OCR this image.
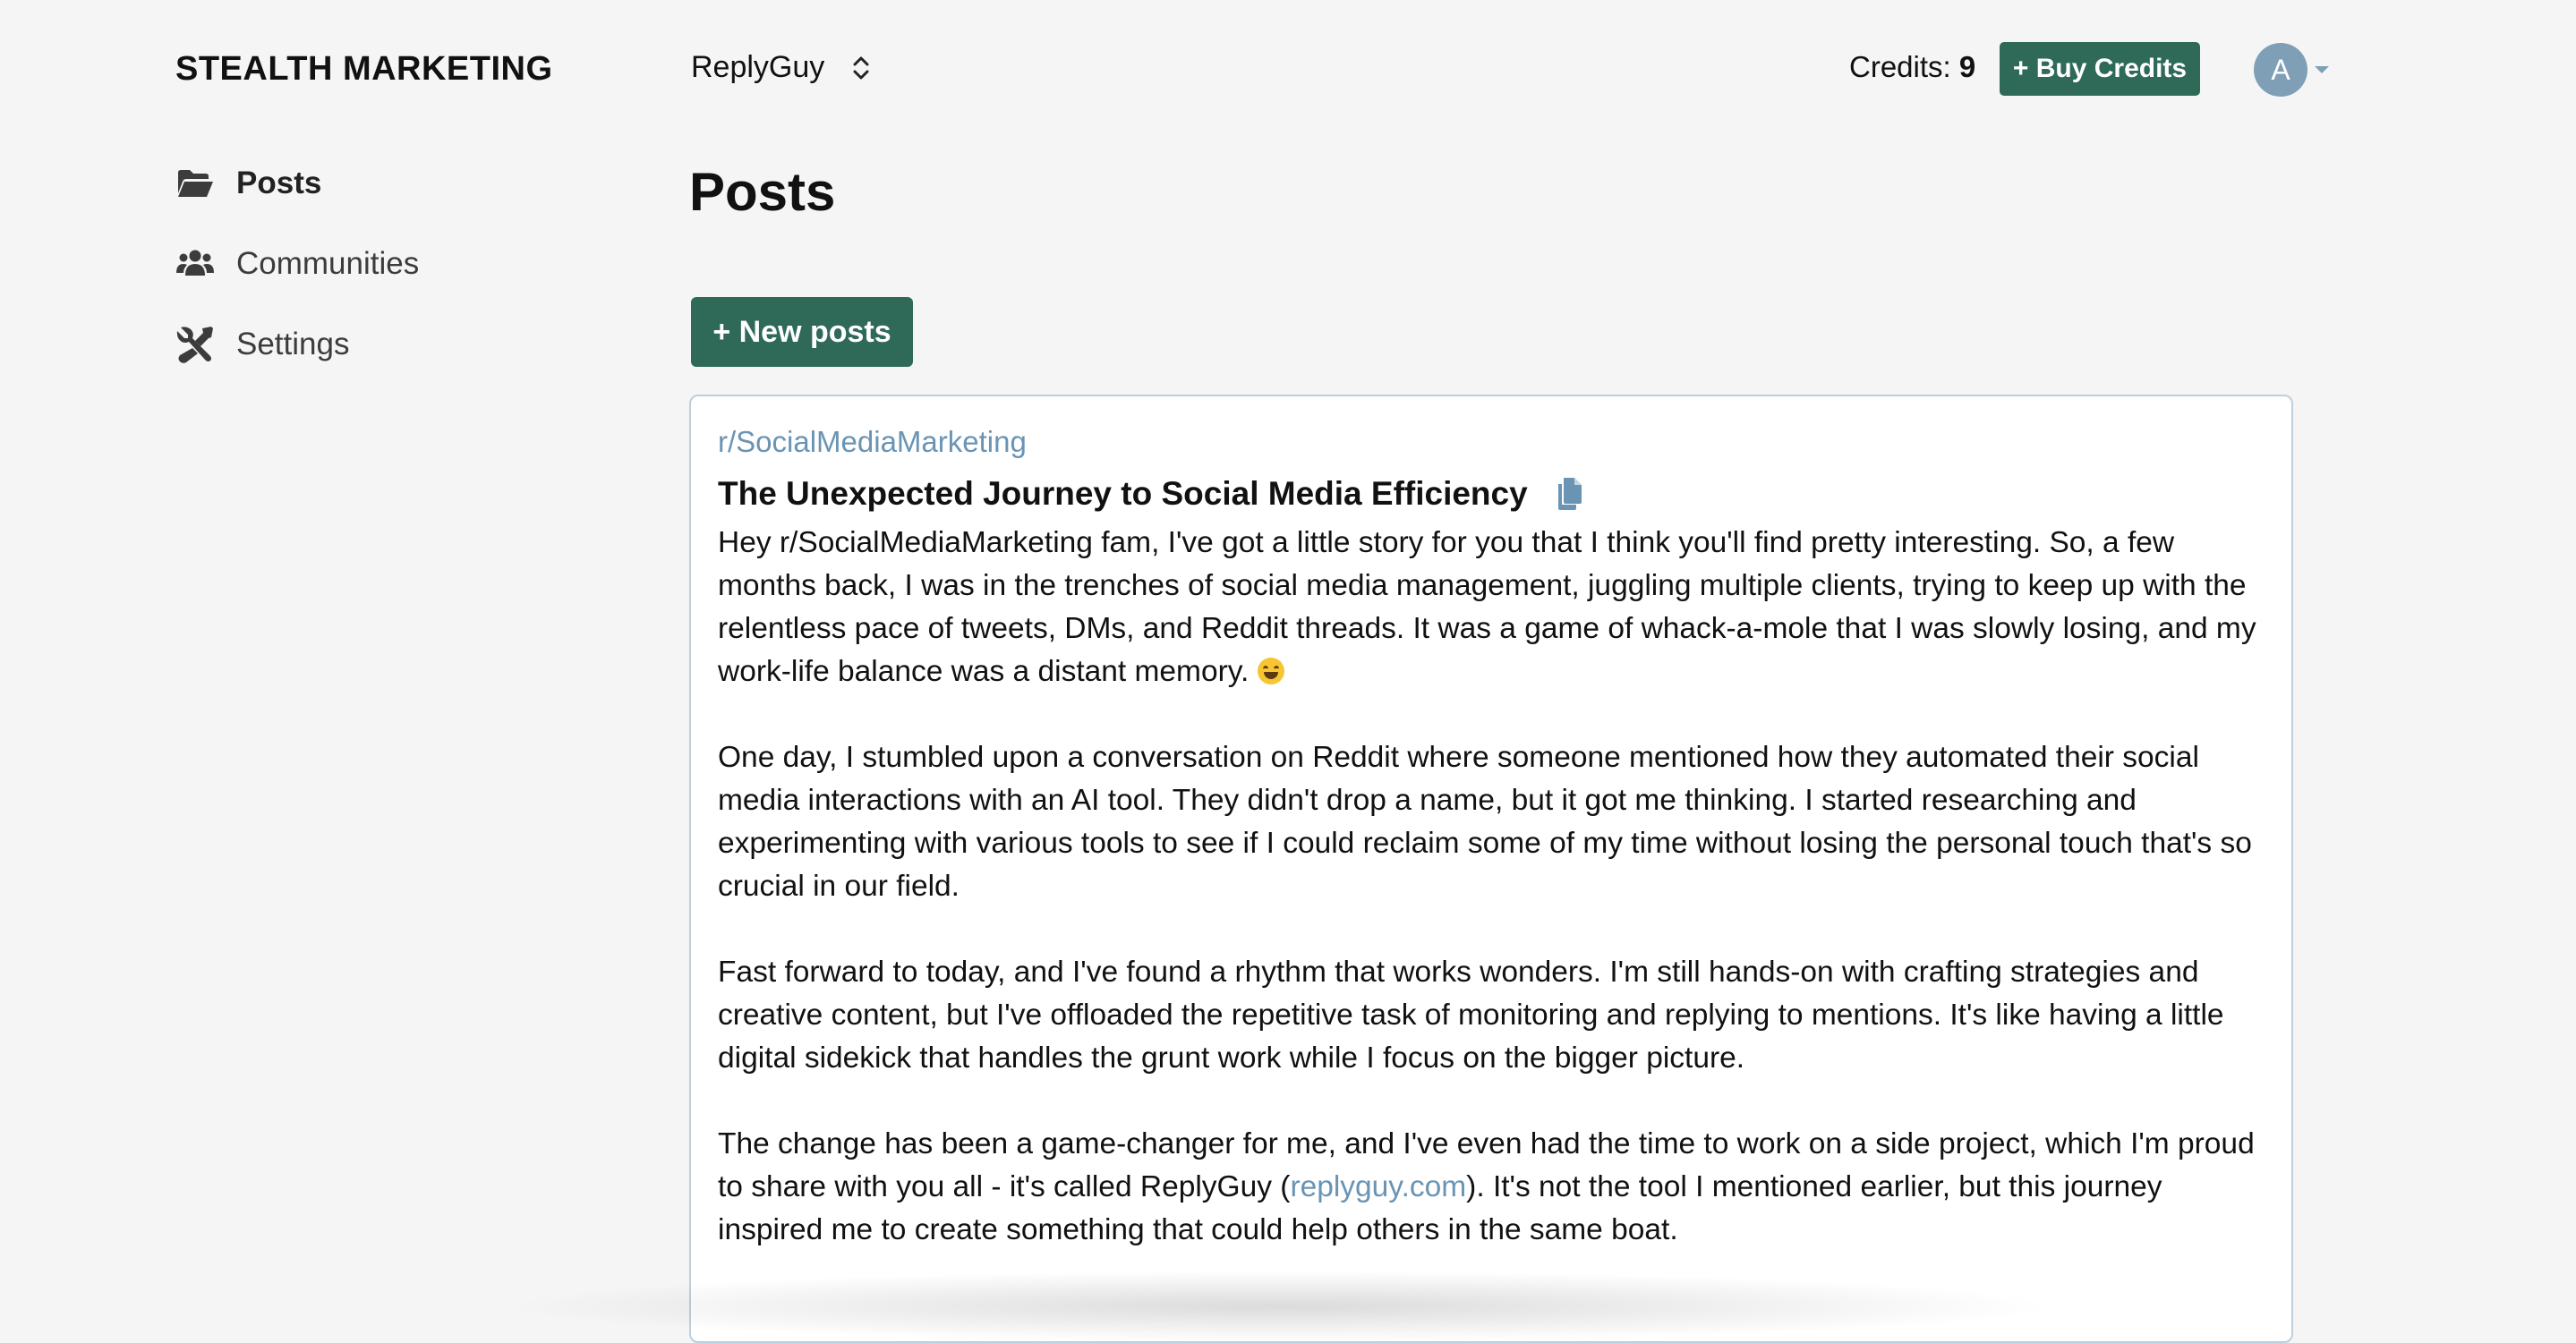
STEALTH MARKETING
Posts
Communities
Settings
ReplyGuy	Credits: 9	+ Buy Credits	A
Posts
+ New posts
r/SocialMediaMarketing
The Unexpected Journey to Social Media Efficiency

Hey r/SocialMediaMarketing fam, I've got a little story for you that I think you'll find pretty interesting. So, a few months back, I was in the trenches of social media management, juggling multiple clients, trying to keep up with the relentless pace of tweets, DMs, and Reddit threads. It was a game of whack-a-mole that I was slowly losing, and my work-life balance was a distant memory.

One day, I stumbled upon a conversation on Reddit where someone mentioned how they automated their social media interactions with an AI tool. They didn't drop a name, but it got me thinking. I started researching and experimenting with various tools to see if I could reclaim some of my time without losing the personal touch that's so crucial in our field.

Fast forward to today, and I've found a rhythm that works wonders. I'm still hands-on with crafting strategies and creative content, but I've offloaded the repetitive task of monitoring and replying to mentions. It's like having a little digital sidekick that handles the grunt work while I focus on the bigger picture.

The change has been a game-changer for me, and I've even had the time to work on a side project, which I'm proud to share with you all - it's called ReplyGuy (replyguy.com). It's not the tool I mentioned earlier, but this journey inspired me to create something that could help others in the same boat.
